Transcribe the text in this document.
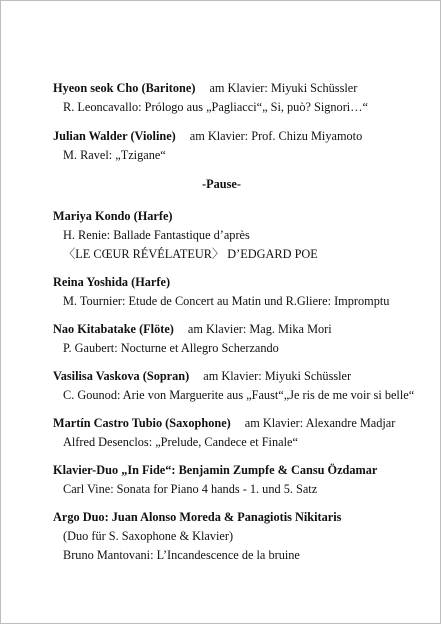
Hyeon seok Cho (Baritone) am Klavier: Miyuki Schüssler
R. Leoncavallo: Prólogo aus „Pagliacci“„ Si, può? Signori…“
Julian Walder (Violine) am Klavier: Prof. Chizu Miyamoto
M. Ravel: „Tzigane“
-Pause-
Mariya Kondo (Harfe)
H. Renie: Ballade Fantastique d’après
〈LE CŒUR RÉVÉLATEUR〉 D’EDGARD POE
Reina Yoshida (Harfe)
M. Tournier: Etude de Concert au Matin und R.Gliere: Impromptu
Nao Kitabatake (Flöte) am Klavier: Mag. Mika Mori
P. Gaubert: Nocturne et Allegro Scherzando
Vasilisa Vaskova (Sopran) am Klavier: Miyuki Schüssler
C. Gounod: Arie von Marguerite aus „Faust“„Je ris de me voir si belle“
Martín Castro Tubio (Saxophone) am Klavier: Alexandre Madjar
Alfred Desenclos: „Prelude, Candece et Finale“
Klavier-Duo „In Fide“: Benjamin Zumpfe & Cansu Özdamar
Carl Vine: Sonata for Piano 4 hands - 1. und 5. Satz
Argo Duo: Juan Alonso Moreda & Panagiotis Nikitaris
(Duo für S. Saxophone & Klavier)
Bruno Mantovani: L’Incandescence de la bruine
